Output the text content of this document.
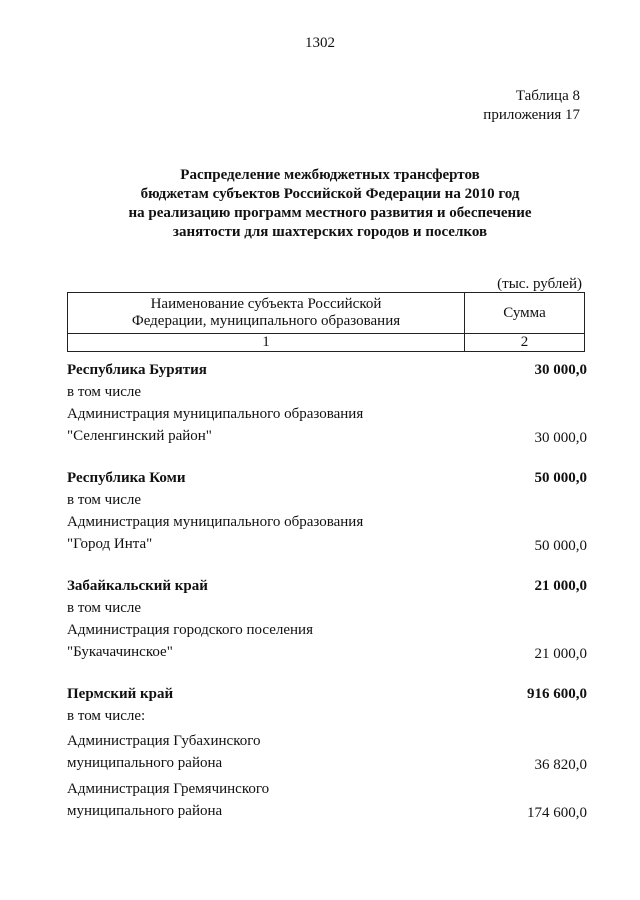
1302
Таблица 8
приложения 17
Распределение межбюджетных трансфертов
бюджетам субъектов Российской Федерации на 2010 год
на реализацию программ местного развития и обеспечение
занятости для шахтерских городов и поселков
(тыс. рублей)
Наименование субъекта Российской
Федерации, муниципального образования	Сумма
1	2
Республика Бурятия	30 000,0
в том числе
Администрация муниципального образования
"Селенгинский район"	30 000,0
Республика Коми	50 000,0
в том числе
Администрация муниципального образования
"Город Инта"	50 000,0
Забайкальский край	21 000,0
в том числе
Администрация городского поселения
"Букачачинское"	21 000,0
Пермский край	916 600,0
в том числе:
Администрация Губахинского
муниципального района	36 820,0
Администрация Гремячинского
муниципального района	174 600,0
